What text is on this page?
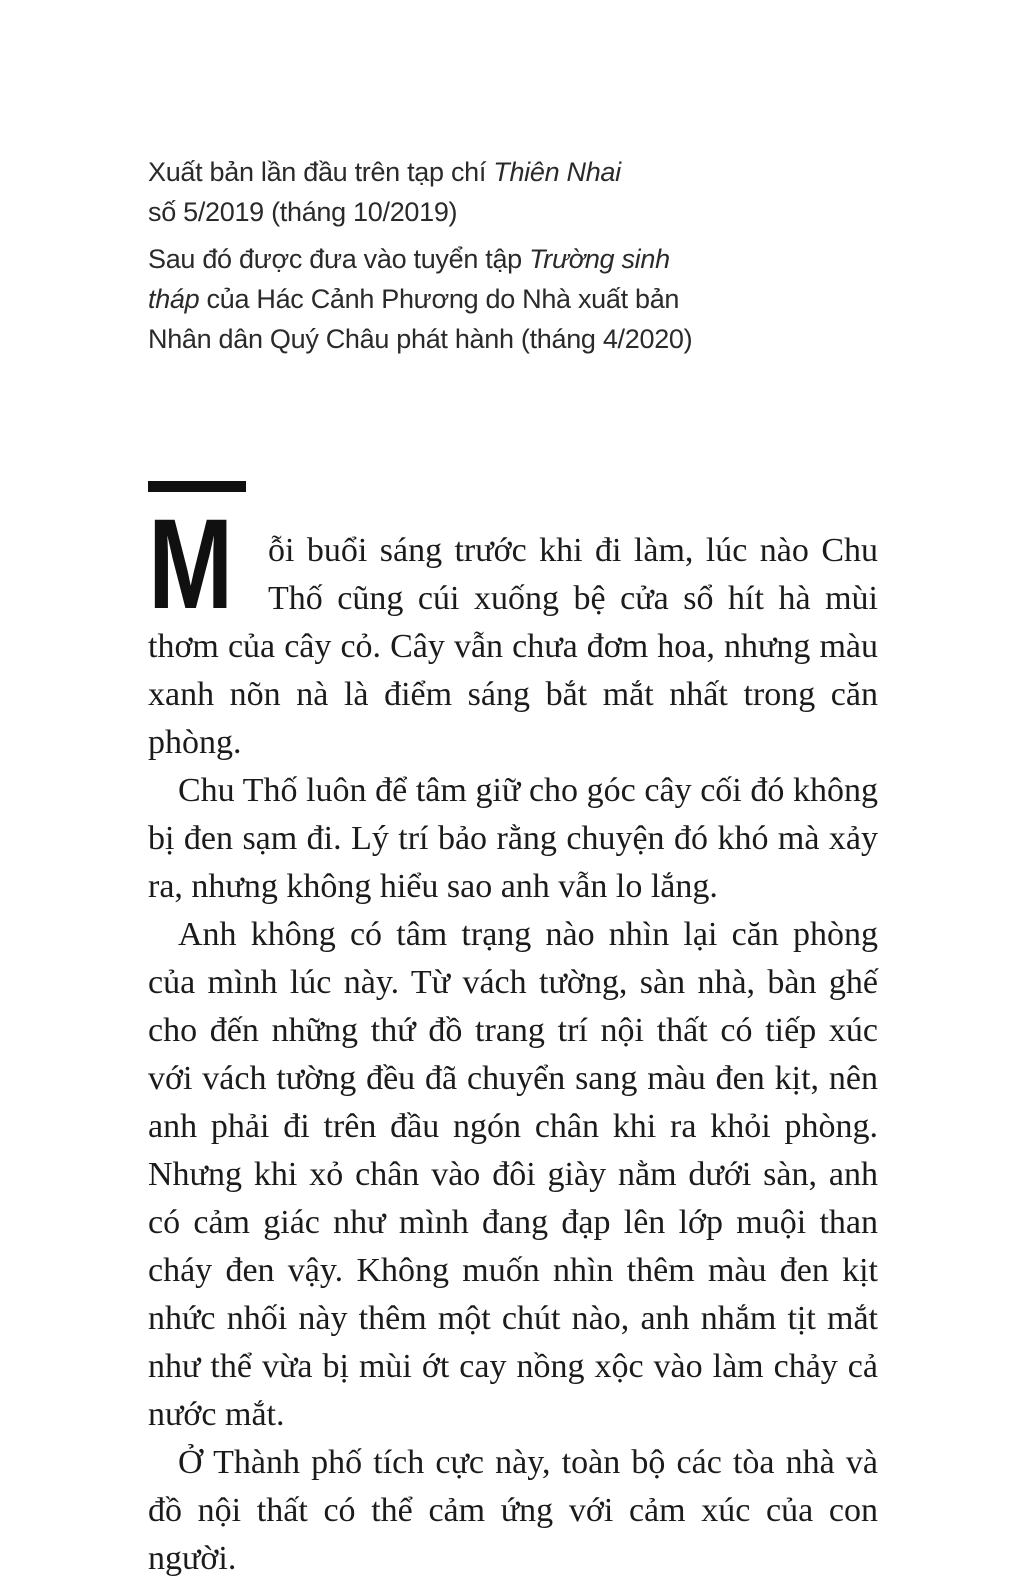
Xuất bản lần đầu trên tạp chí Thiên Nhai
số 5/2019 (tháng 10/2019)

Sau đó được đưa vào tuyển tập Trường sinh
tháp của Hác Cảnh Phương do Nhà xuất bản
Nhân dân Quý Châu phát hành (tháng 4/2020)

M ỗi buổi sáng trước khi đi làm, lúc nào Chu Thố cũng cúi xuống bệ cửa sổ hít hà mùi thơm của cây cỏ. Cây vẫn chưa đơm hoa, nhưng màu xanh nõn nà là điểm sáng bắt mắt nhất trong căn phòng.

Chu Thố luôn để tâm giữ cho góc cây cối đó không bị đen sạm đi. Lý trí bảo rằng chuyện đó khó mà xảy ra, nhưng không hiểu sao anh vẫn lo lắng.

Anh không có tâm trạng nào nhìn lại căn phòng của mình lúc này. Từ vách tường, sàn nhà, bàn ghế cho đến những thứ đồ trang trí nội thất có tiếp xúc với vách tường đều đã chuyển sang màu đen kịt, nên anh phải đi trên đầu ngón chân khi ra khỏi phòng. Nhưng khi xỏ chân vào đôi giày nằm dưới sàn, anh có cảm giác như mình đang đạp lên lớp muội than cháy đen vậy. Không muốn nhìn thêm màu đen kịt nhức nhối này thêm một chút nào, anh nhắm tịt mắt như thể vừa bị mùi ớt cay nồng xộc vào làm chảy cả nước mắt.

Ở Thành phố tích cực này, toàn bộ các tòa nhà và đồ nội thất có thể cảm ứng với cảm xúc của con người.
